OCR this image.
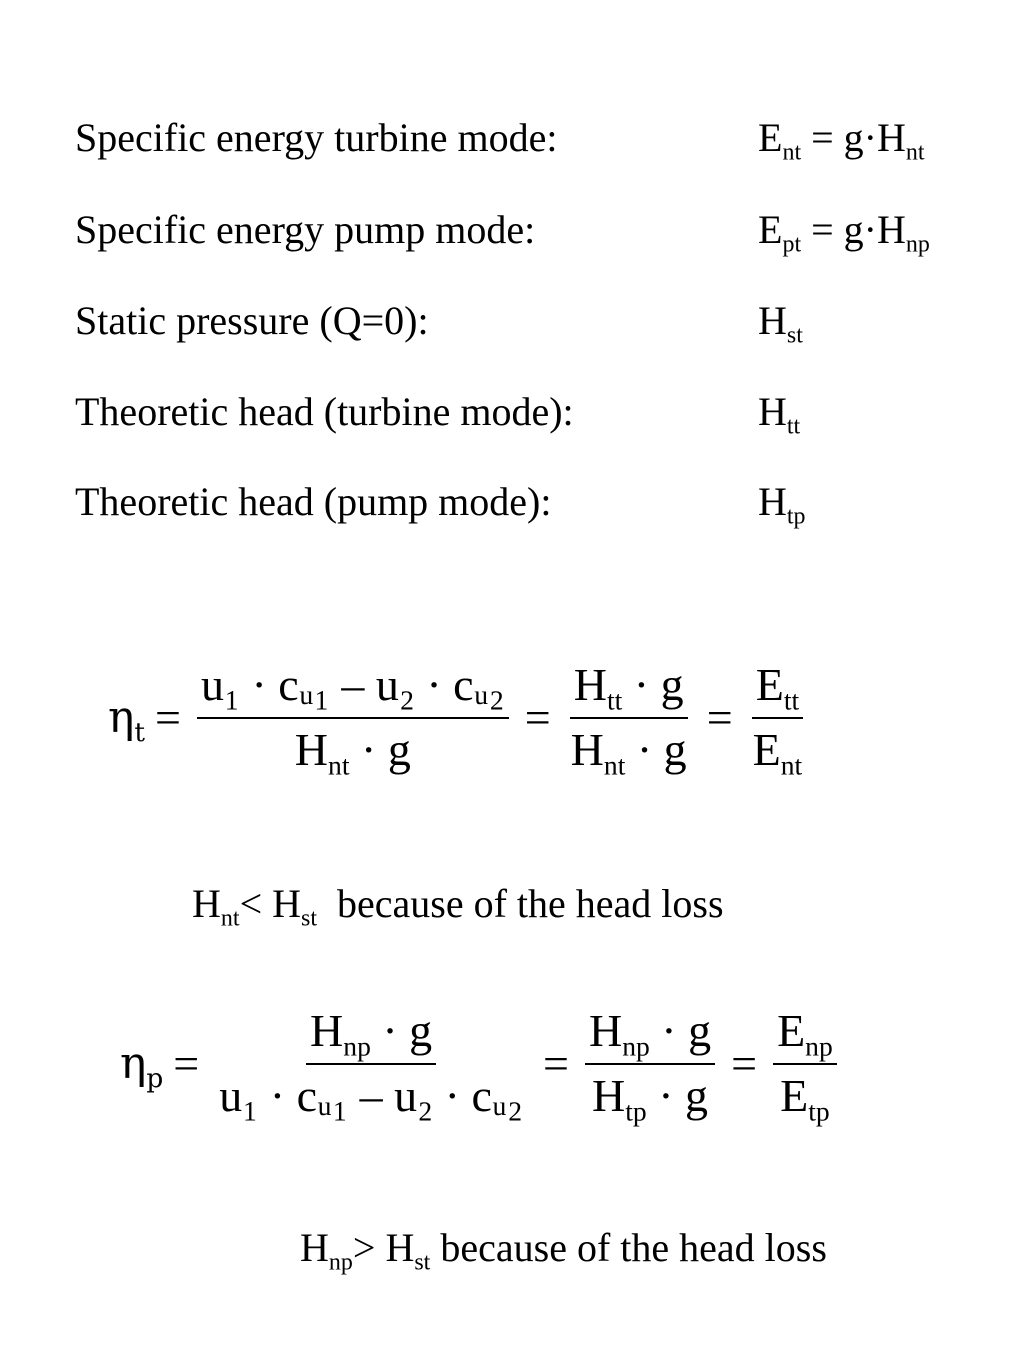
Specific energy turbine mode:	$E_{nt} = g\cdot H_{nt}$
Specific energy pump mode:	$E_{pt} = g\cdot H_{np}$
Static pressure (Q=0):	$H_{st}$
Theoretic head (turbine mode):	$H_{tt}$
Theoretic head (pump mode):	$H_{tp}$
$\eta_t = \frac{\text{u₁ · cᵤ₁ – u₂ · cᵤ₂}}{H_{nt} \cdot g} = \frac{H_{tt} \cdot g}{H_{nt} \cdot g} = \frac{E_{tt}}{E_{nt}}$
$H_{nt}< H_{st}$  because of the head loss
$\eta_p = \frac{H_{np} \cdot g}{\text{u₁ · cᵤ₁ – u₂ · cᵤ₂}} = \frac{H_{np} \cdot g}{H_{tp} \cdot g} = \frac{E_{np}}{E_{tp}}$
$H_{np}> H_{st}$ because of the head loss
